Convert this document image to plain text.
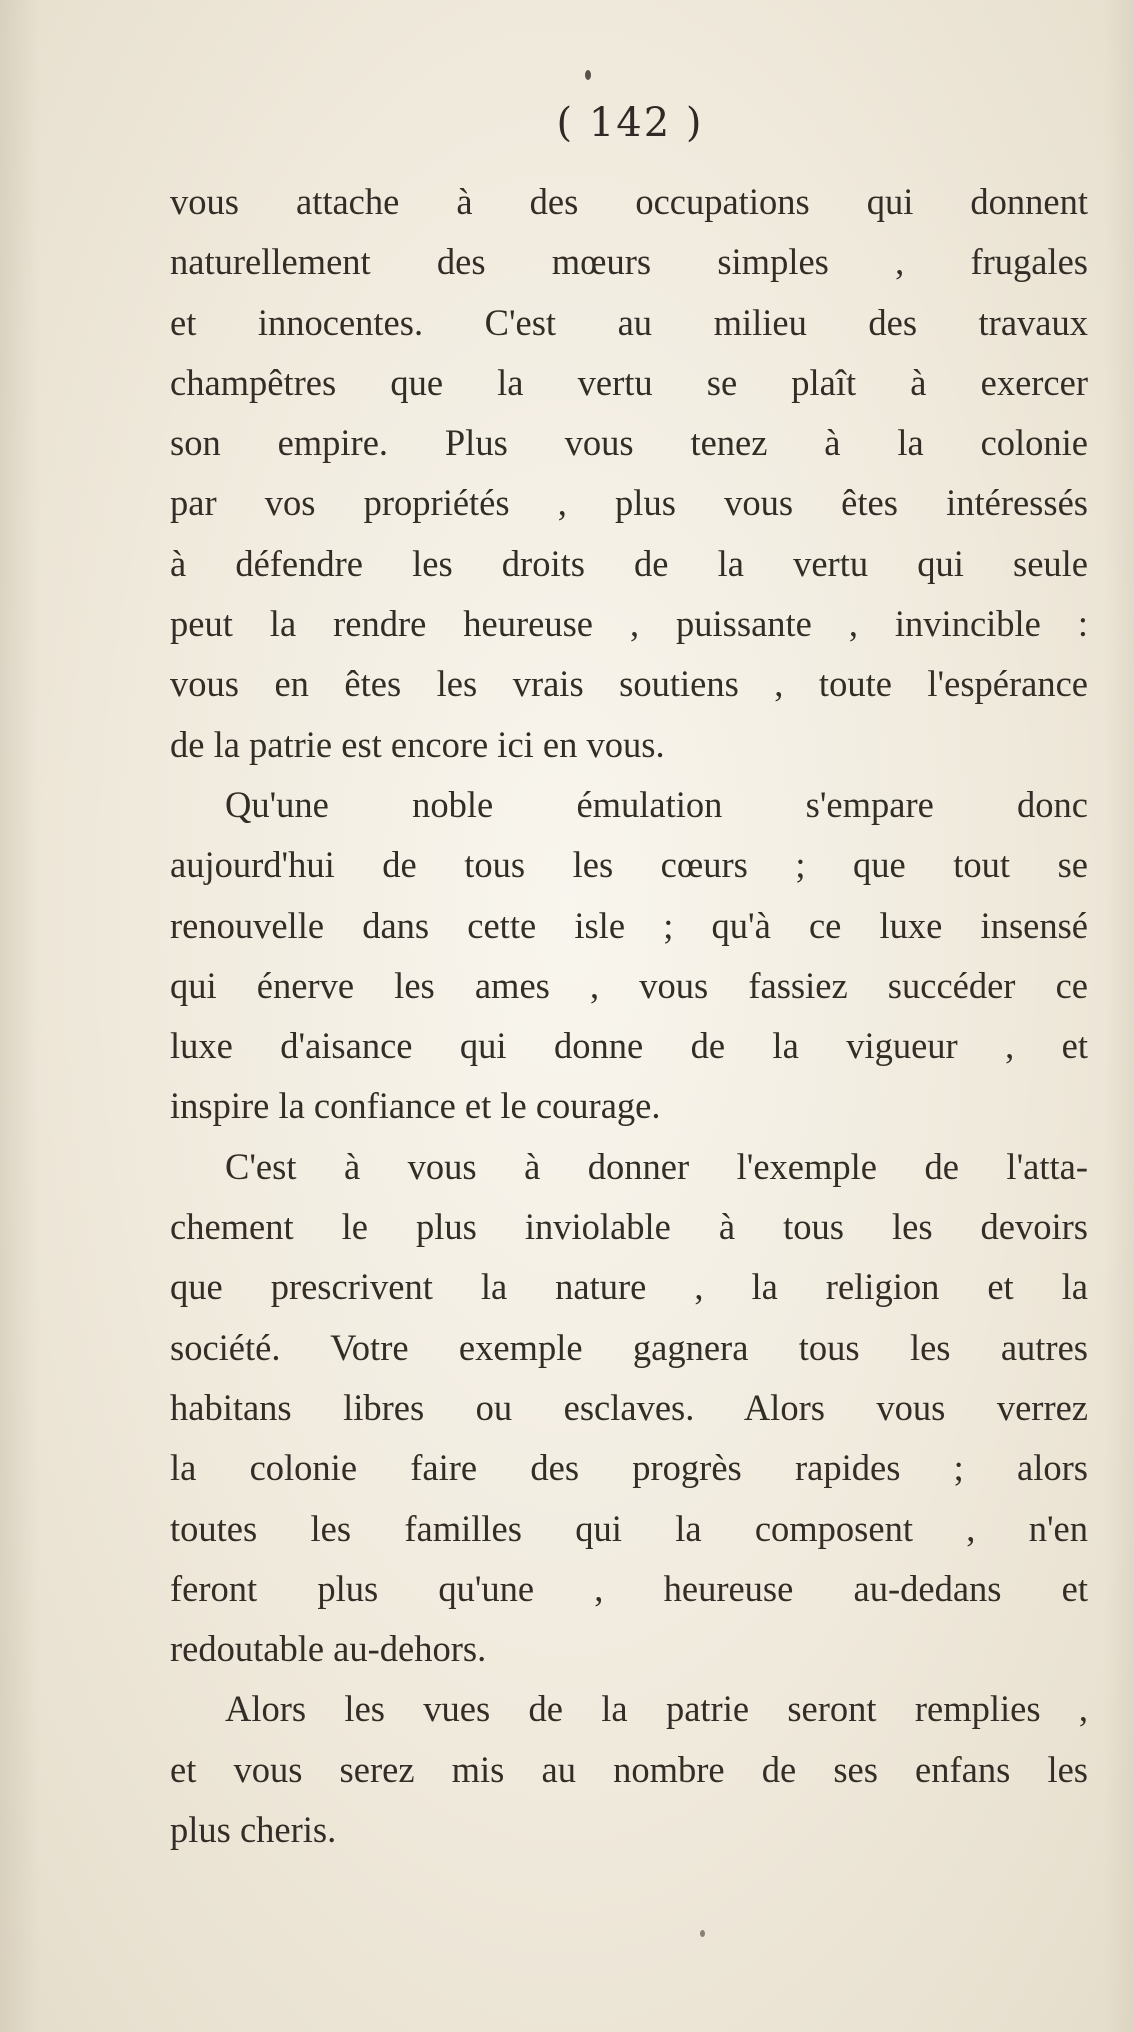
( 142 )
vous attache à des occupations qui donnent
naturellement des mœurs simples , frugales
et innocentes. C'est au milieu des travaux
champêtres que la vertu se plaît à exercer
son empire. Plus vous tenez à la colonie
par vos propriétés , plus vous êtes intéressés
à défendre les droits de la vertu qui seule
peut la rendre heureuse , puissante , invincible :
vous en êtes les vrais soutiens , toute l'espérance
de la patrie est encore ici en vous.
Qu'une noble émulation s'empare donc
aujourd'hui de tous les cœurs ; que tout se
renouvelle dans cette isle ; qu'à ce luxe insensé
qui énerve les ames , vous fassiez succéder ce
luxe d'aisance qui donne de la vigueur , et
inspire la confiance et le courage.
C'est à vous à donner l'exemple de l'atta-
chement le plus inviolable à tous les devoirs
que prescrivent la nature , la religion et la
société. Votre exemple gagnera tous les autres
habitans libres ou esclaves. Alors vous verrez
la colonie faire des progrès rapides ; alors
toutes les familles qui la composent , n'en
feront plus qu'une , heureuse au-dedans et
redoutable au-dehors.
Alors les vues de la patrie seront remplies ,
et vous serez mis au nombre de ses enfans les
plus cheris.
